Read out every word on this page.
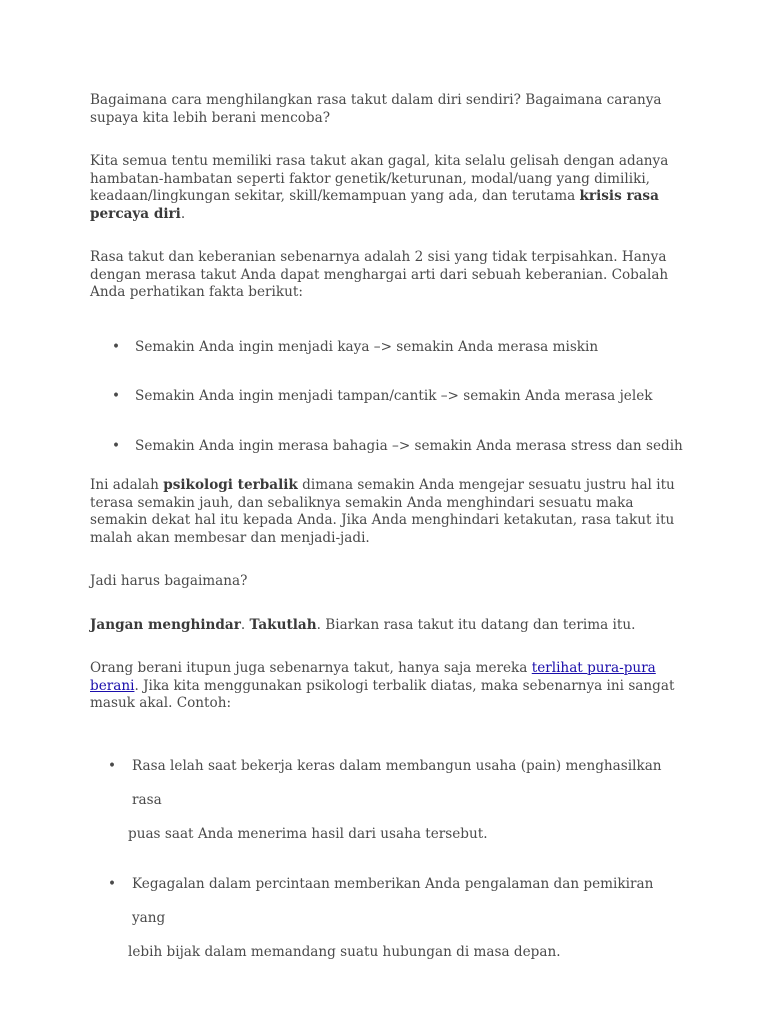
Bagaimana cara menghilangkan rasa takut dalam diri sendiri? Bagaimana caranya supaya kita lebih berani mencoba?

Kita semua tentu memiliki rasa takut akan gagal, kita selalu gelisah dengan adanya hambatan-hambatan seperti faktor genetik/keturunan, modal/uang yang dimiliki, keadaan/lingkungan sekitar, skill/kemampuan yang ada, dan terutama krisis rasa percaya diri.

Rasa takut dan keberanian sebenarnya adalah 2 sisi yang tidak terpisahkan. Hanya dengan merasa takut Anda dapat menghargai arti dari sebuah keberanian. Cobalah Anda perhatikan fakta berikut:

• Semakin Anda ingin menjadi kaya –> semakin Anda merasa miskin
• Semakin Anda ingin menjadi tampan/cantik –> semakin Anda merasa jelek
• Semakin Anda ingin merasa bahagia –> semakin Anda merasa stress dan sedih

Ini adalah psikologi terbalik dimana semakin Anda mengejar sesuatu justru hal itu terasa semakin jauh, dan sebaliknya semakin Anda menghindari sesuatu maka semakin dekat hal itu kepada Anda. Jika Anda menghindari ketakutan, rasa takut itu malah akan membesar dan menjadi-jadi.

Jadi harus bagaimana?

Jangan menghindar. Takutlah. Biarkan rasa takut itu datang dan terima itu.

Orang berani itupun juga sebenarnya takut, hanya saja mereka terlihat pura-pura berani. Jika kita menggunakan psikologi terbalik diatas, maka sebenarnya ini sangat masuk akal. Contoh:

• Rasa lelah saat bekerja keras dalam membangun usaha (pain) menghasilkan rasa
puas saat Anda menerima hasil dari usaha tersebut.
• Kegagalan dalam percintaan memberikan Anda pengalaman dan pemikiran yang
lebih bijak dalam memandang suatu hubungan di masa depan.
